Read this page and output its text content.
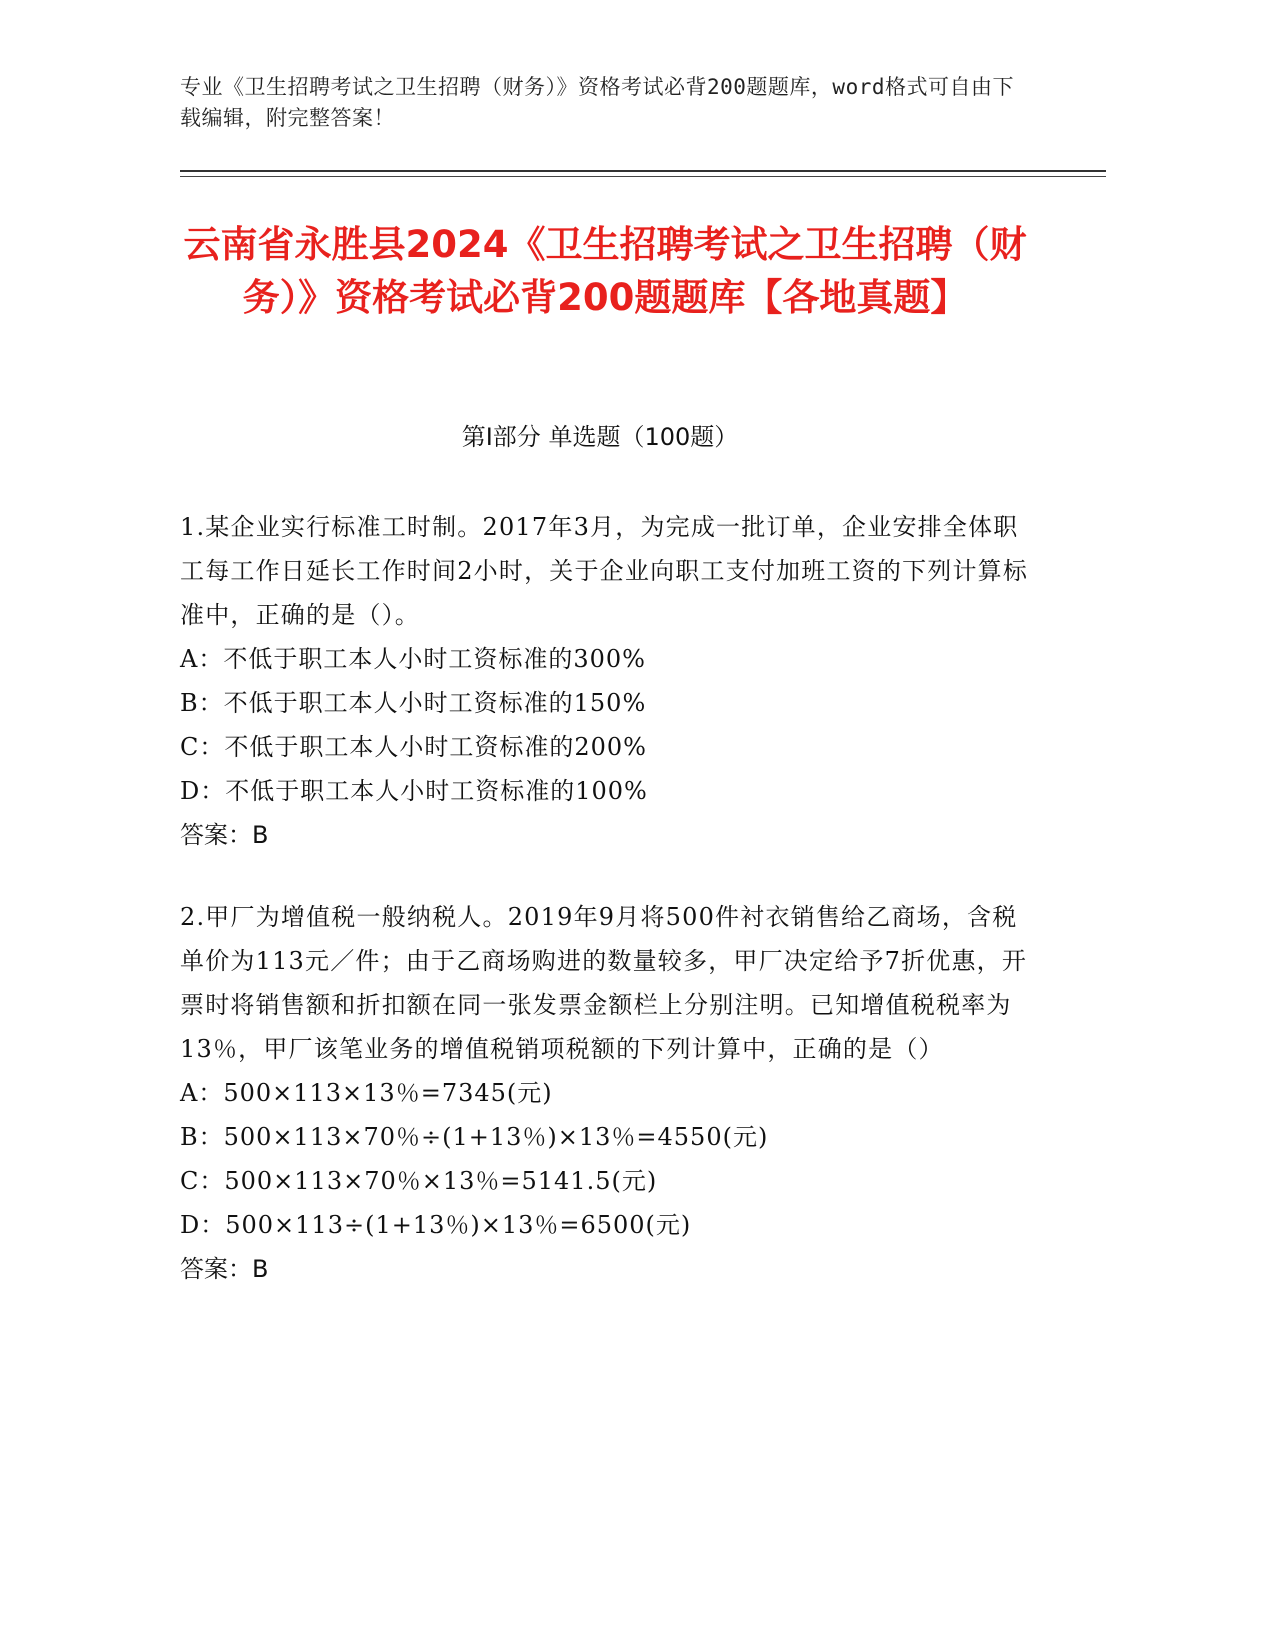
专业《卫生招聘考试之卫生招聘（财务）》资格考试必背200题题库，word格式可自由下载编辑，附完整答案！
云南省永胜县2024《卫生招聘考试之卫生招聘（财务）》资格考试必背200题题库【各地真题】
第Ⅰ部分 单选题（100题）

1.某企业实行标准工时制。2017年3月，为完成一批订单，企业安排全体职工每工作日延长工作时间2小时，关于企业向职工支付加班工资的下列计算标准中，正确的是（）。

A：不低于职工本人小时工资标准的300%
B：不低于职工本人小时工资标准的150%
C：不低于职工本人小时工资标准的200%
D：不低于职工本人小时工资标准的100%
答案：B

2.甲厂为增值税一般纳税人。2019年9月将500件衬衣销售给乙商场，含税单价为113元／件；由于乙商场购进的数量较多，甲厂决定给予7折优惠，开票时将销售额和折扣额在同一张发票金额栏上分别注明。已知增值税税率为13％，甲厂该笔业务的增值税销项税额的下列计算中，正确的是（）

A：500×113×13％=7345(元)
B：500×113×70％÷(1+13％)×13％=4550(元)
C：500×113×70％×13％=5141.5(元)
D：500×113÷(1+13％)×13％=6500(元)
答案：B
